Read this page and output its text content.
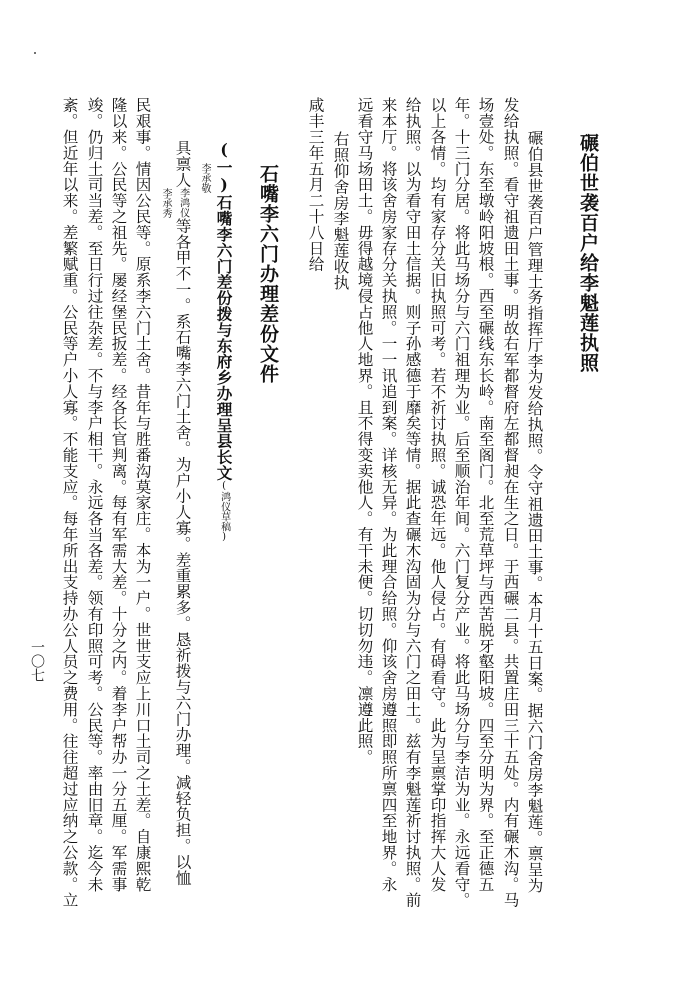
碾伯世袭百户给李魁莲执照
碾伯县世袭百户管理土务指挥厅李为发给执照。令守祖遗田土事。本月十五日案。据六门舍房李魁莲。禀呈为
发给执照。看守祖遗田土事。明故右军都督府左都督昶在生之日。于西碾二县。共置庄田三十五处。内有碾木沟。马
场壹处。东至墩岭阳坡根。西至碾线东长岭。南至阁门。北至荒草坪与西苦脱牙壑阳坡。四至分明为界。至正德五
年。十三门分居。将此马场分与六门祖理为业。后至顺治年间。六门复分产业。将此马场分与李洁为业。永远看守。
以上各情。均有家存分关旧执照可考。若不祈讨执照。诚恐年远。他人侵占。有碍看守。此为呈禀掌印指挥大人发
给执照。以为看守田土信据。则子孙感德于靡矣等情。据此查碾木沟固为分与六门之田土。兹有李魁莲祈讨执照。前
来本厅。将该舍房家存分关执照。一一讯追到案。详核无异。为此理合给照。仰该舍房遵照即照所禀四至地界。永
远看守马场田土。毋得越境侵占他人地界。且不得变卖他人。有干未便。切切勿违。凛遵此照。
右照仰舍房李魁莲收执
咸丰三年五月二十八日给
石嘴李六门办理差份文件
(一)石嘴李六门差份拨与东府乡办理呈县长文(鸿仪草稿)
李承敬
具禀人李鸿仪等各甲不一。系石嘴李六门土舍。为户小人寡。差重累多。恳祈拨与六门办理。减轻负担。以恤
李承秀
民艰事。情因公民等。原系李六门土舍。昔年与胜番沟莫家庄。本为一户。世世支应上川口土司之土差。自康熙乾
隆以来。公民等之祖先。屡经堡民扳差。经各长官判离。每有军需大差。十分之内。着李户帮办一分五厘。军需事
竣。仍归土司当差。至日行过往杂差。不与李户相干。永远各当各差。领有印照可考。公民等。率由旧章。迄今未
紊。但近年以来。差繁赋重。公民等户小人寡。不能支应。每年所出支持办公人员之费用。往往超过应纳之公款。立
一〇七
